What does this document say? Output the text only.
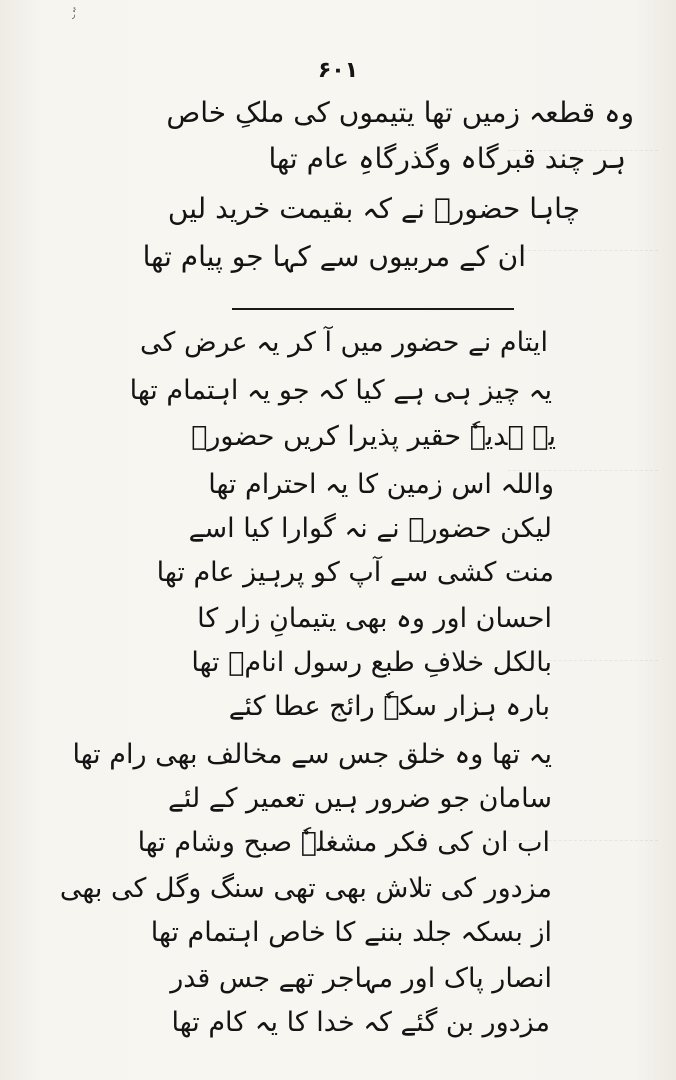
ٔ٫ٗ
۶۰۱
وہ قطعہ زمیں تھا یتیموں کی ملکِ خاص
ہر چند قبرگاہ وگذرگاہِ عام تھا
چاہا حضورؐ نے کہ بقیمت خرید لیں
ان کے مربیوں سے کہا جو پیام تھا
ایتام نے حضور میں آ کر یہ عرض کی
یہ چیز ہی ہے کیا کہ جو یہ اہتمام تھا
یہ ہدیہٗ حقیر پذیرا کریں حضورؐ
واللہ اس زمین کا یہ احترام تھا
لیکن حضورؐ نے نہ گوارا کیا اسے
منت کشی سے آپ کو پرہیز عام تھا
احسان اور وہ بھی یتیمانِ زار کا
بالکل خلافِ طبع رسول انامؐ تھا
بارہ ہزار سکہٗ رائج عطا کئے
یہ تھا وہ خلق جس سے مخالف بھی رام تھا
سامان جو ضرور ہیں تعمیر کے لئے
اب ان کی فکر مشغلہٗ صبح وشام تھا
مزدور کی تلاش بھی تھی سنگ وگل کی بھی
از بسکہ جلد بننے کا خاص اہتمام تھا
انصار پاک اور مہاجر تھے جس قدر
مزدور بن گئے کہ خدا کا یہ کام تھا
